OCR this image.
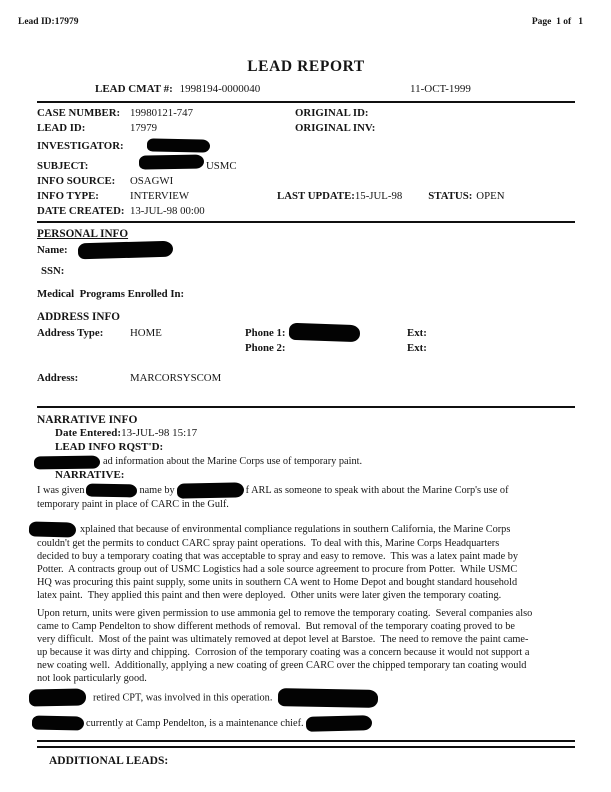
Lead ID:17979	Page  1 of   1
LEAD REPORT
LEAD CMAT #: 1998194-0000040	11-OCT-1999
CASE NUMBER: 19980121-747	ORIGINAL ID:
LEAD ID:	17979	ORIGINAL INV:
INVESTIGATOR:
SUBJECT:	USMC
INFO SOURCE:	OSAGWI
INFO TYPE:	INTERVIEW	LAST UPDATE: 15-JUL-98 STATUS: OPEN
DATE CREATED: 13-JUL-98 00:00
PERSONAL INFO
Name:
SSN:
Medical  Programs Enrolled In:
ADDRESS INFO
Address Type:	HOME	Phone 1:	Ext:
Phone 2:	Ext:
Address:	MARCORSYSCOM
NARRATIVE INFO
Date Entered:13-JUL-98 15:17
LEAD INFO RQST'D:

ad information about the Marine Corps use of temporary paint.

NARRATIVE:

I was given	name by	f ARL as someone to speak with about the Marine Corp's use of temporary paint in place of CARC in the Gulf.

xplained that because of environmental compliance regulations in southern California, the Marine Corps couldn't get the permits to conduct CARC spray paint operations.  To deal with this, Marine Corps Headquarters decided to buy a temporary coating that was acceptable to spray and easy to remove.  This was a latex paint made by Potter.  A contracts group out of USMC Logistics had a sole source agreement to procure from Potter.  While USMC HQ was procuring this paint supply, some units in southern CA went to Home Depot and bought standard household latex paint.  They applied this paint and then were deployed.  Other units were later given the temporary coating.

Upon return, units were given permission to use ammonia gel to remove the temporary coating.  Several companies also came to Camp Pendelton to show different methods of removal.  But removal of the temporary coating proved to be very difficult.  Most of the paint was ultimately removed at depot level at Barstoe.  The need to remove the paint came-up because it was dirty and chipping.  Corrosion of the temporary coating was a concern because it would not support a new coating well.  Additionally, applying a new coating of green CARC over the chipped temporary tan coating would not look particularly good.

retired CPT, was involved in this operation.

currently at Camp Pendelton, is a maintenance chief.

ADDITIONAL LEADS:
